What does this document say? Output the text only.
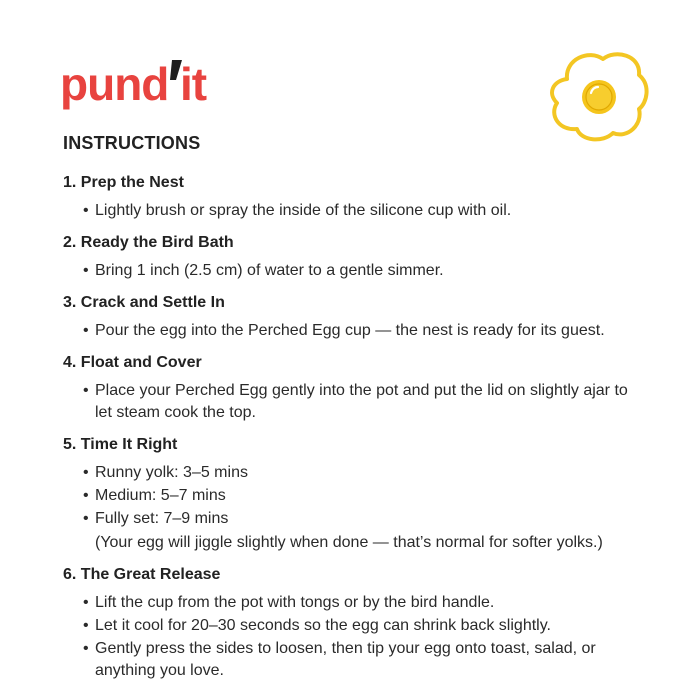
pund it
INSTRUCTIONS
1. Prep the Nest
• Lightly brush or spray the inside of the silicone cup with oil.
2. Ready the Bird Bath
• Bring 1 inch (2.5 cm) of water to a gentle simmer.
3. Crack and Settle In
• Pour the egg into the Perched Egg cup — the nest is ready for its guest.
4. Float and Cover
• Place your Perched Egg gently into the pot and put the lid on slightly ajar to let steam cook the top.
5. Time It Right
• Runny yolk: 3–5 mins
• Medium: 5–7 mins
• Fully set: 7–9 mins
(Your egg will jiggle slightly when done — that’s normal for softer yolks.)
6. The Great Release
• Lift the cup from the pot with tongs or by the bird handle.
• Let it cool for 20–30 seconds so the egg can shrink back slightly.
• Gently press the sides to loosen, then tip your egg onto toast, salad, or anything you love.
